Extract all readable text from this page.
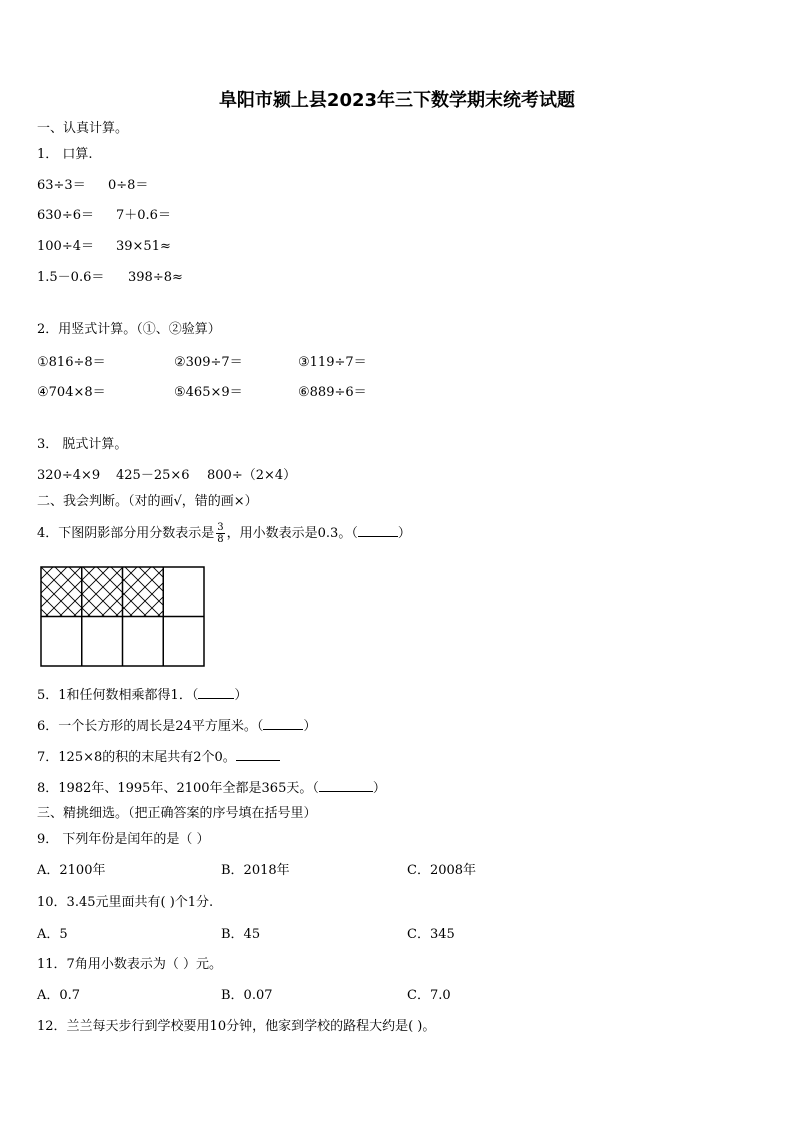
阜阳市颍上县2023年三下数学期末统考试题
一、认真计算。
1． 口算.
63÷3＝ 0÷8＝
630÷6＝ 7＋0.6＝
100÷4＝ 39×51≈
1.5－0.6＝ 398÷8≈
2．用竖式计算。（①、②验算）
①816÷8＝	②309÷7＝	③119÷7＝
④704×8＝	⑤465×9＝	⑥889÷6＝
3． 脱式计算。
320÷4×9 425－25×6 800÷（2×4）
二、我会判断。（对的画√，错的画×）
4．下图阴影部分用分数表示是 $\frac{3}{8}$ ，用小数表示是0.3。（	）
5．1和任何数相乘都得1．（	）
6．一个长方形的周长是24平方厘米。（	）
7．125×8的积的末尾共有2个0。
8．1982年、1995年、2100年全都是365天。（	）
三、精挑细选。（把正确答案的序号填在括号里）
9． 下列年份是闰年的是（ ）
A．2100年	B．2018年	C．2008年
10．3.45元里面共有( )个1分.
A．5	B．45	C．345
11．7角用小数表示为（ ）元。
A．0.7	B．0.07	C．7.0
12．兰兰每天步行到学校要用10分钟，他家到学校的路程大约是( )。
